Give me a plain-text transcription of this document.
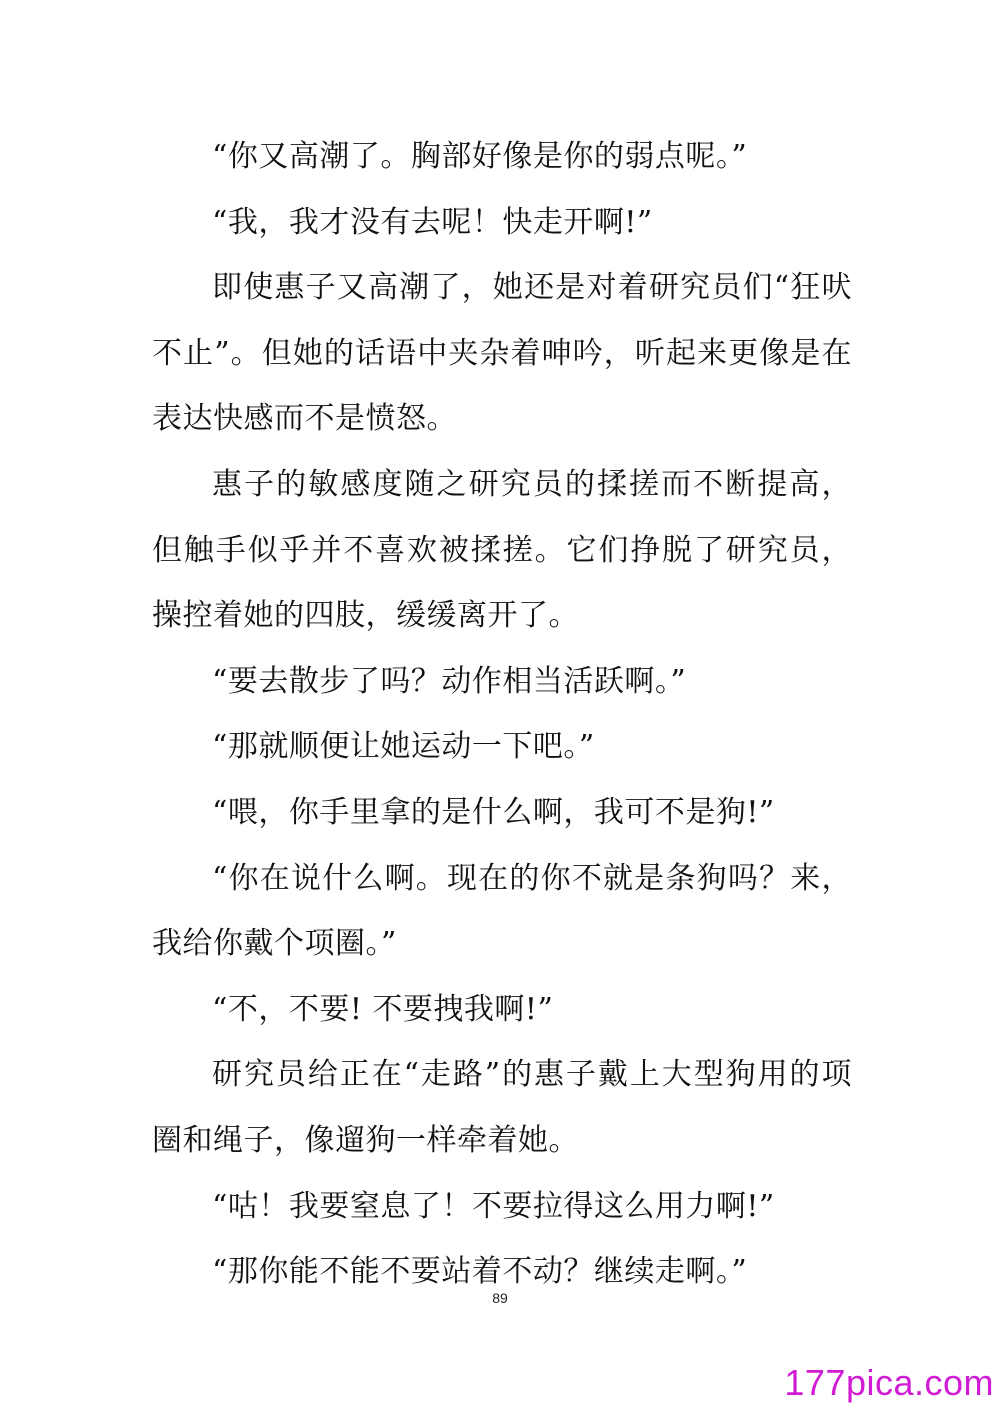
“你又高潮了。胸部好像是你的弱点呢。”

“我，我才没有去呢！快走开啊!”

即使惠子又高潮了，她还是对着研究员们“狂吠不止”。但她的话语中夹杂着呻吟，听起来更像是在表达快感而不是愤怒。

惠子的敏感度随之研究员的揉搓而不断提高，但触手似乎并不喜欢被揉搓。它们挣脱了研究员，操控着她的四肢，缓缓离开了。

“要去散步了吗？动作相当活跃啊。”

“那就顺便让她运动一下吧。”

“喂，你手里拿的是什么啊，我可不是狗!”

“你在说什么啊。现在的你不就是条狗吗？来，我给你戴个项圈。”

“不，不要! 不要拽我啊!”

研究员给正在“走路”的惠子戴上大型狗用的项圈和绳子，像遛狗一样牵着她。

“咕！我要窒息了！不要拉得这么用力啊!”

“那你能不能不要站着不动？继续走啊。”

89
177pica.com
